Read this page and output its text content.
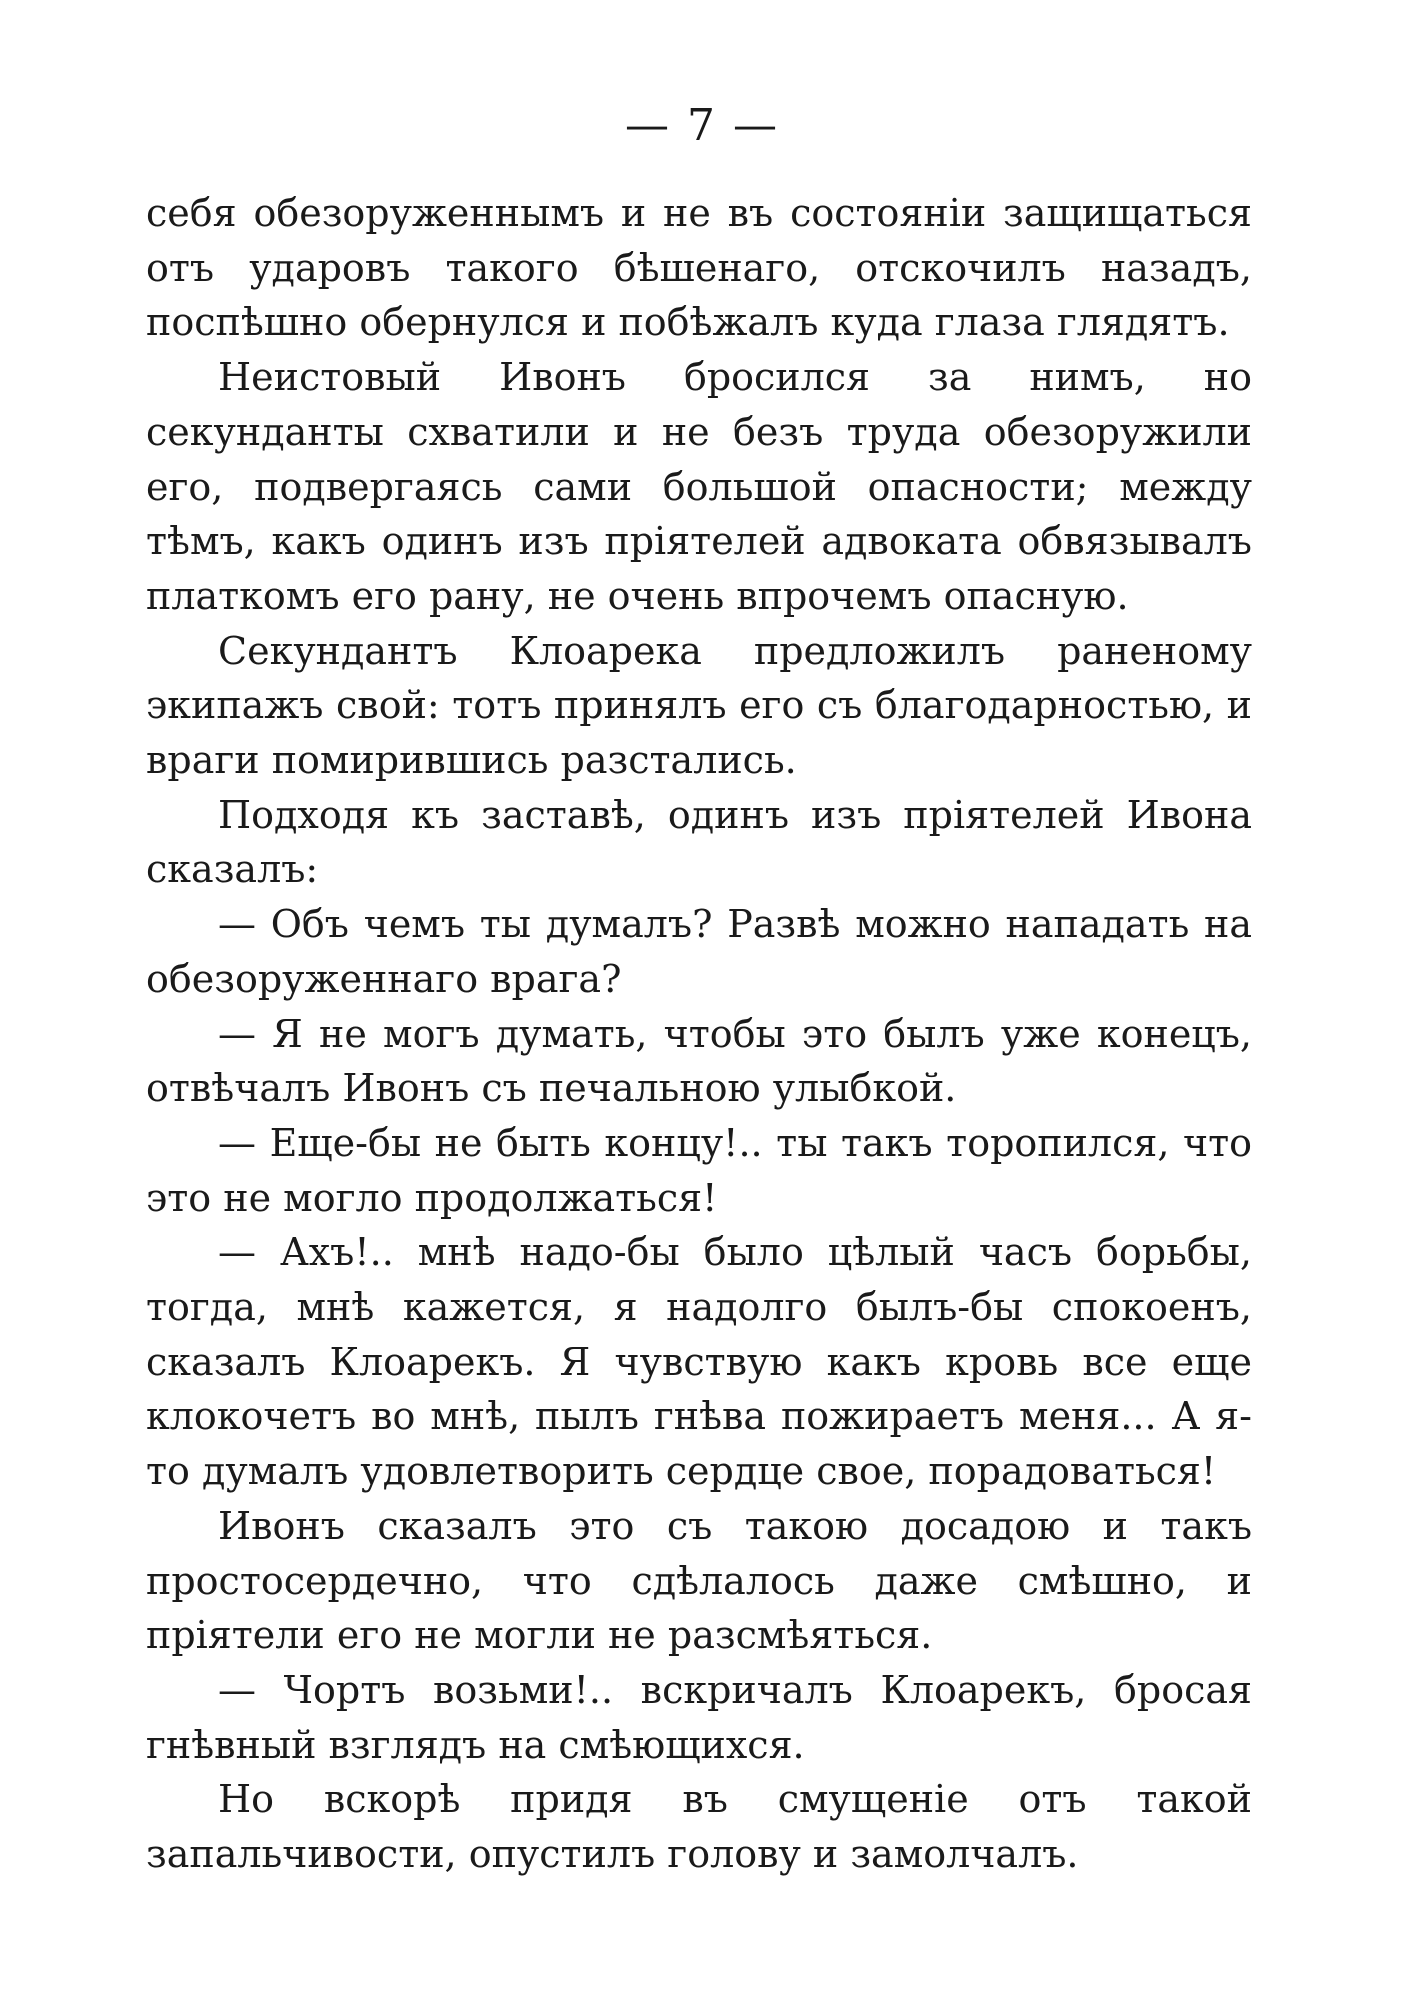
— 7 —

себя обезоруженнымъ и не въ состоянiи защищаться отъ ударовъ такого бѣшенаго, отскочилъ назадъ, поспѣшно обернулся и побѣжалъ куда глаза глядятъ.

Неистовый Ивонъ бросился за нимъ, но секунданты схватили и не безъ труда обезоружили его, подвергаясь сами большой опасности; между тѣмъ, какъ одинъ изъ прiятелей адвоката обвязывалъ платкомъ его рану, не очень впрочемъ опасную.

Секундантъ Клоарека предложилъ раненому экипажъ свой: тотъ принялъ его съ благодарностью, и враги помирившись разстались.

Подходя къ заставѣ, одинъ изъ прiятелей Ивона сказалъ:

— Объ чемъ ты думалъ? Развѣ можно нападать на обезоруженнаго врага?

— Я не могъ думать, чтобы это былъ уже конецъ, отвѣчалъ Ивонъ съ печальною улыбкой.

— Еще-бы не быть концу!.. ты такъ торопился, что это не могло продолжаться!

— Ахъ!.. мнѣ надо-бы было цѣлый часъ борьбы, тогда, мнѣ кажется, я надолго былъ-бы спокоенъ, сказалъ Клоарекъ. Я чувствую какъ кровь все еще клокочетъ во мнѣ, пылъ гнѣва пожираетъ меня... А я-то думалъ удовлетворить сердце свое, порадоваться!

Ивонъ сказалъ это съ такою досадою и такъ простосердечно, что сдѣлалось даже смѣшно, и прiятели его не могли не разсмѣяться.

— Чортъ возьми!.. вскричалъ Клоарекъ, бросая гнѣвный взглядъ на смѣющихся.

Но вскорѣ придя въ смущенiе отъ такой запальчивости, опустилъ голову и замолчалъ.
